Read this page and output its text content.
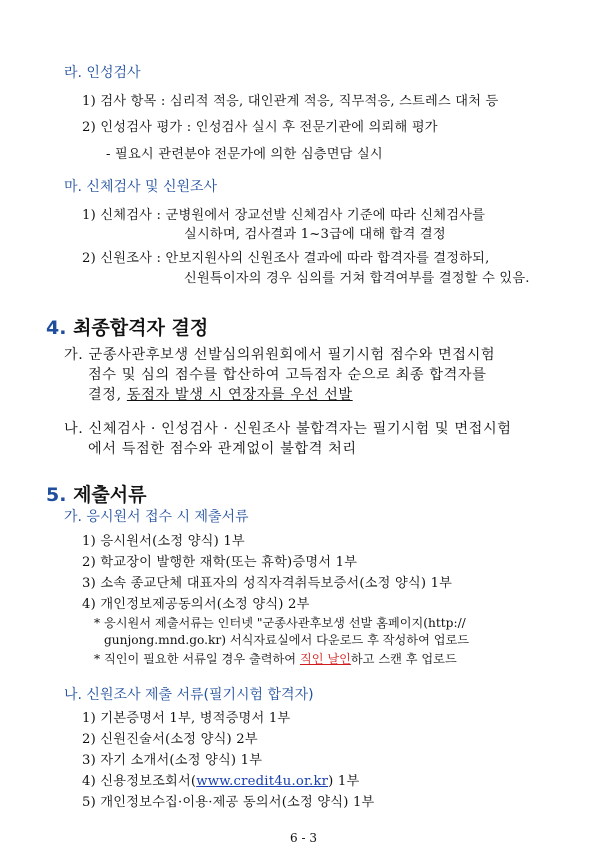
라. 인성검사
1) 검사 항목 : 심리적 적응, 대인관계 적응, 직무적응, 스트레스 대처 등
2) 인성검사 평가 : 인성검사 실시 후 전문기관에 의뢰해 평가
- 필요시 관련분야 전문가에 의한 심층면담 실시
마. 신체검사 및 신원조사
1) 신체검사 : 군병원에서 장교선발 신체검사 기준에 따라 신체검사를
실시하며, 검사결과 1~3급에 대해 합격 결정
2) 신원조사 : 안보지원사의 신원조사 결과에 따라 합격자를 결정하되,
신원특이자의 경우 심의를 거쳐 합격여부를 결정할 수 있음.
4. 최종합격자 결정
가. 군종사관후보생 선발심의위원회에서 필기시험 점수와 면접시험
점수 및 심의 점수를 합산하여 고득점자 순으로 최종 합격자를
결정, 동점자 발생 시 연장자를 우선 선발
나. 신체검사 · 인성검사 · 신원조사 불합격자는 필기시험 및 면접시험
에서 득점한 점수와 관계없이 불합격 처리
5. 제출서류
가. 응시원서 접수 시 제출서류
1) 응시원서(소정 양식) 1부
2) 학교장이 발행한 재학(또는 휴학)증명서 1부
3) 소속 종교단체 대표자의 성직자격취득보증서(소정 양식) 1부
4) 개인정보제공동의서(소정 양식) 2부
* 응시원서 제출서류는 인터넷 "군종사관후보생 선발 홈페이지(http://
gunjong.mnd.go.kr) 서식자료실에서 다운로드 후 작성하여 업로드
* 직인이 필요한 서류일 경우 출력하여 직인 날인하고 스캔 후 업로드
나. 신원조사 제출 서류(필기시험 합격자)
1) 기본증명서 1부, 병적증명서 1부
2) 신원진술서(소정 양식) 2부
3) 자기 소개서(소정 양식) 1부
4) 신용정보조회서(www.credit4u.or.kr) 1부
5) 개인정보수집·이용·제공 동의서(소정 양식) 1부
6 - 3
